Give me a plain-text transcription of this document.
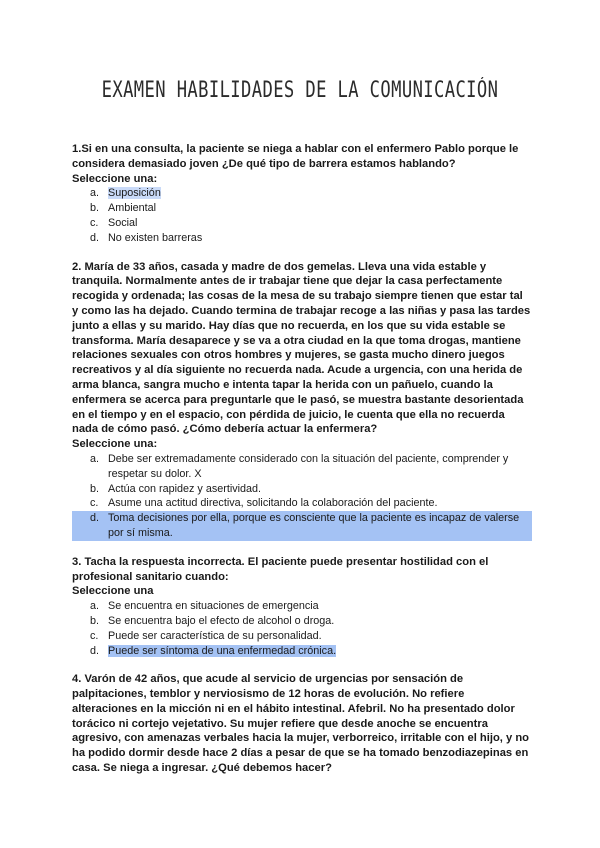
EXAMEN HABILIDADES DE LA COMUNICACIÓN

1.Si en una consulta, la paciente se niega a hablar con el enfermero Pablo porque le considera demasiado joven ¿De qué tipo de barrera estamos hablando?

Seleccione una:

a. Suposición
b. Ambiental
c. Social
d. No existen barreras

2. María de 33 años, casada y madre de dos gemelas. Lleva una vida estable y tranquila. Normalmente antes de ir trabajar tiene que dejar la casa perfectamente recogida y ordenada; las cosas de la mesa de su trabajo siempre tienen que estar tal y como las ha dejado. Cuando termina de trabajar recoge a las niñas y pasa las tardes junto a ellas y su marido. Hay días que no recuerda, en los que su vida estable se transforma. María desaparece y se va a otra ciudad en la que toma drogas, mantiene relaciones sexuales con otros hombres y mujeres, se gasta mucho dinero juegos recreativos y al día siguiente no recuerda nada. Acude a urgencia, con una herida de arma blanca, sangra mucho e intenta tapar la herida con un pañuelo, cuando la enfermera se acerca para preguntarle que le pasó, se muestra bastante desorientada en el tiempo y en el espacio, con pérdida de juicio, le cuenta que ella no recuerda nada de cómo pasó. ¿Cómo debería actuar la enfermera?

Seleccione una:

a. Debe ser extremadamente considerado con la situación del paciente, comprender y respetar su dolor. X
b. Actúa con rapidez y asertividad.
c. Asume una actitud directiva, solicitando la colaboración del paciente.
d. Toma decisiones por ella, porque es consciente que la paciente es incapaz de valerse por sí misma.

3. Tacha la respuesta incorrecta. El paciente puede presentar hostilidad con el profesional sanitario cuando:

Seleccione una

a. Se encuentra en situaciones de emergencia
b. Se encuentra bajo el efecto de alcohol o droga.
c. Puede ser característica de su personalidad.
d. Puede ser síntoma de una enfermedad crónica.

4. Varón de 42 años, que acude al servicio de urgencias por sensación de palpitaciones, temblor y nerviosismo de 12 horas de evolución. No refiere alteraciones en la micción ni en el hábito intestinal. Afebril. No ha presentado dolor torácico ni cortejo vejetativo. Su mujer refiere que desde anoche se encuentra agresivo, con amenazas verbales hacia la mujer, verborreico, irritable con el hijo, y no ha podido dormir desde hace 2 días a pesar de que se ha tomado benzodiazepinas en casa. Se niega a ingresar. ¿Qué debemos hacer?
